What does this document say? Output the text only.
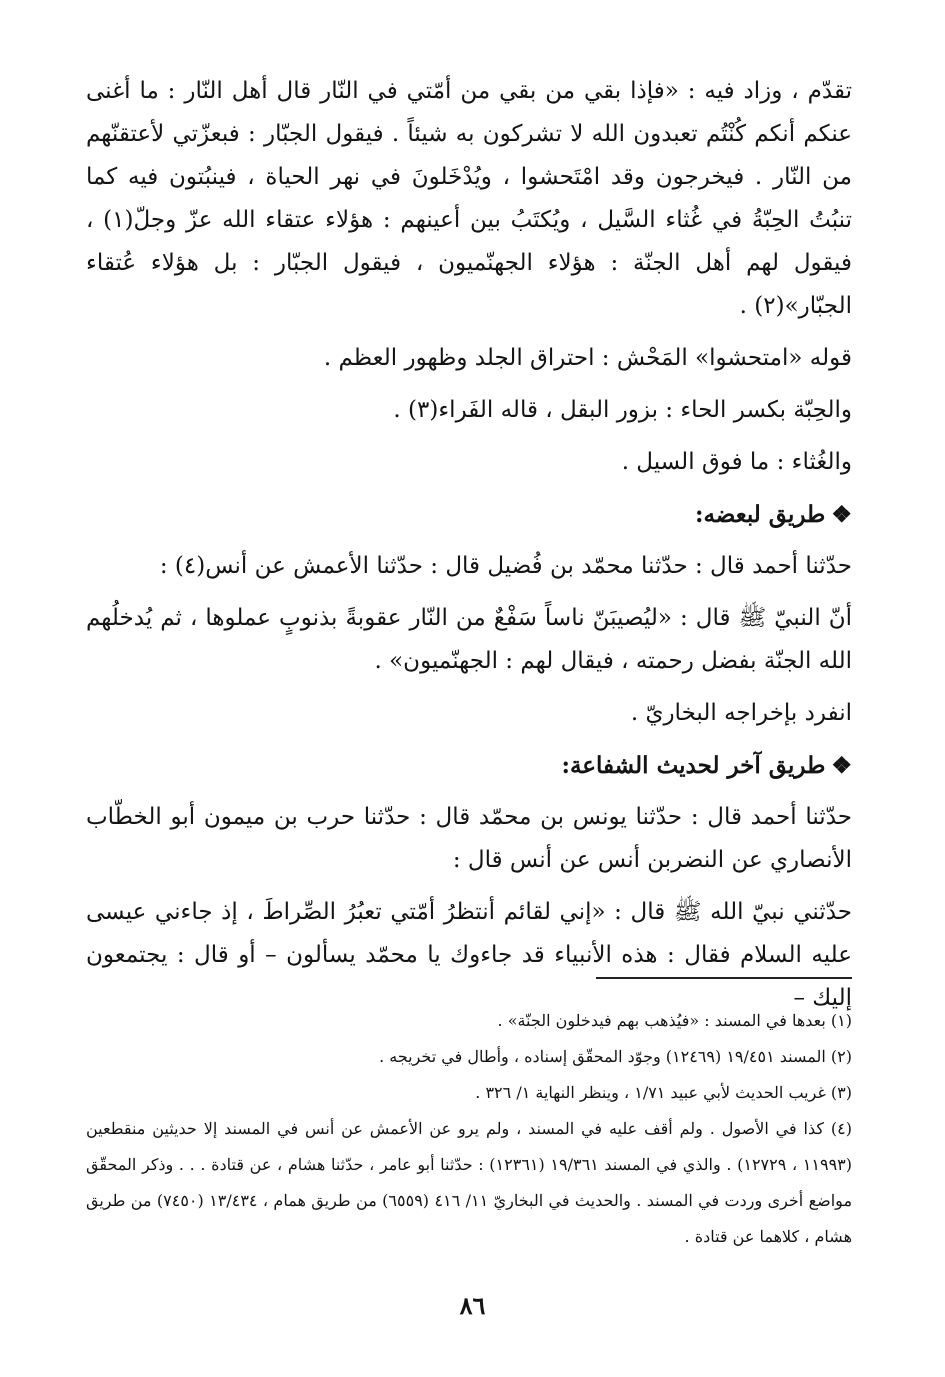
تقدّم ، وزاد فيه : «فإذا بقي من بقي من أمّتي في النّار قال أهل النّار : ما أغنى عنكم أنكم كُنْتُم تعبدون الله لا تشركون به شيئاً . فيقول الجبّار : فبعزّتي لأعتقنّهم من النّار . فيخرجون وقد امْتَحشوا ، ويُدْخَلونَ في نهر الحياة ، فينبُتون فيه كما تنبُتُ الحِبّةُ في غُثاء السَّيل ، ويُكتَبُ بين أعينهم : هؤلاء عتقاء الله عزّ وجلّ(١) ، فيقول لهم أهل الجنّة : هؤلاء الجهنّميون ، فيقول الجبّار : بل هؤلاء عُتقاء الجبّار»(٢) .

قوله «امتحشوا» المَحْش : احتراق الجلد وظهور العظم .

والحِبّة بكسر الحاء : بزور البقل ، قاله الفَراء(٣) .

والغُثاء : ما فوق السيل .

❖طريق لبعضه:

حدّثنا أحمد قال : حدّثنا محمّد بن فُضيل قال : حدّثنا الأعمش عن أنس(٤) :

أنّ النبيّ ﷺ قال : «ليُصيبَنّ ناساً سَفْعٌ من النّار عقوبةً بذنوبٍ عملوها ، ثم يُدخلُهم الله الجنّة بفضل رحمته ، فيقال لهم : الجهنّميون» .

انفرد بإخراجه البخاريّ .

❖طريق آخر لحديث الشفاعة:

حدّثنا أحمد قال : حدّثنا يونس بن محمّد قال : حدّثنا حرب بن ميمون أبو الخطّاب الأنصاري عن النضربن أنس عن أنس قال :

حدّثني نبيّ الله ﷺ قال : «إني لقائم أنتظرُ أمّتي تعبُرُ الصِّراطَ ، إذ جاءني عيسى عليه السلام فقال : هذه الأنبياء قد جاءوك يا محمّد يسألون – أو قال : يجتمعون إليك –

(١) بعدها في المسند : «فيُذهب بهم فيدخلون الجنّة» .

(٢) المسند ١٩/٤٥١ (١٢٤٦٩) وجوّد المحقّق إسناده ، وأطال في تخريجه .

(٣) غريب الحديث لأبي عبيد ١/٧١ ، وينظر النهاية ١/ ٣٢٦ .

(٤) كذا في الأصول . ولم أقف عليه في المسند ، ولم يرو عن الأعمش عن أنس في المسند إلا حديثين منقطعين (١١٩٩٣ ، ١٢٧٢٩) . والذي في المسند ١٩/٣٦١ (١٢٣٦١) : حدّثنا أبو عامر ، حدّثنا هشام ، عن قتادة . . . وذكر المحقّق مواضع أخرى وردت في المسند . والحديث في البخاريّ ١١/ ٤١٦ (٦٥٥٩) من طريق همام ، ١٣/٤٣٤ (٧٤٥٠) من طريق هشام ، كلاهما عن قتادة .

٨٦
